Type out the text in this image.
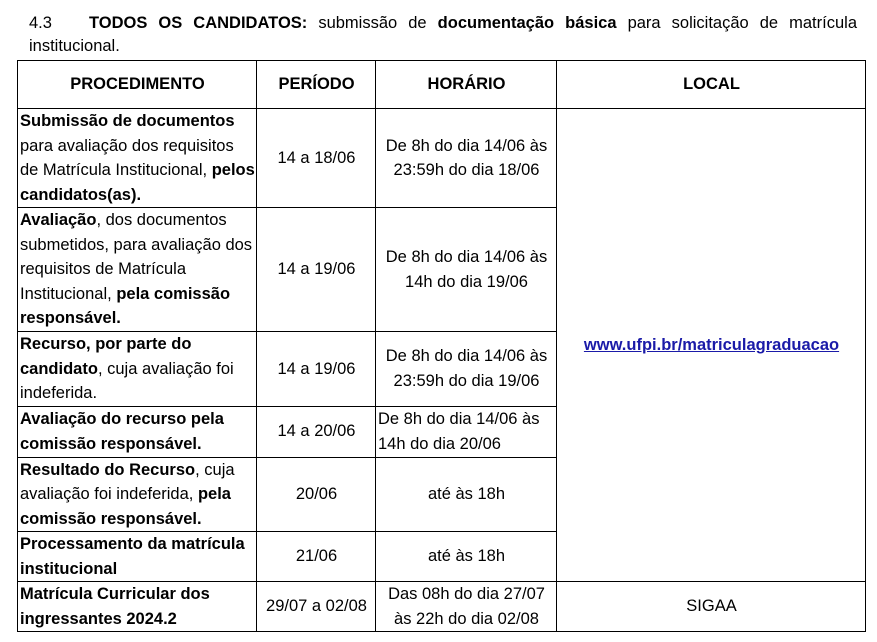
4.3 TODOS OS CANDIDATOS: submissão de documentação básica para solicitação de matrícula institucional.
PROCEDIMENTO	PERÍODO	HORÁRIO	LOCAL
Submissão de documentos para avaliação dos requisitos de Matrícula Institucional, pelos candidatos(as).	14 a 18/06	De 8h do dia 14/06 às 23:59h do dia 18/06	www.ufpi.br/matriculagraduacao
Avaliação, dos documentos submetidos, para avaliação dos requisitos de Matrícula Institucional, pela comissão responsável.	14 a 19/06	De 8h do dia 14/06 às 14h do dia 19/06	
Recurso, por parte do candidato, cuja avaliação foi indeferida.	14 a 19/06	De 8h do dia 14/06 às 23:59h do dia 19/06	
Avaliação do recurso pela comissão responsável.	14 a 20/06	De 8h do dia 14/06 às 14h do dia 20/06	
Resultado do Recurso, cuja avaliação foi indeferida, pela comissão responsável.	20/06	até às 18h	
Processamento da matrícula institucional	21/06	até às 18h	
Matrícula Curricular dos ingressantes 2024.2	29/07 a 02/08	Das 08h do dia 27/07 às 22h do dia 02/08	SIGAA
